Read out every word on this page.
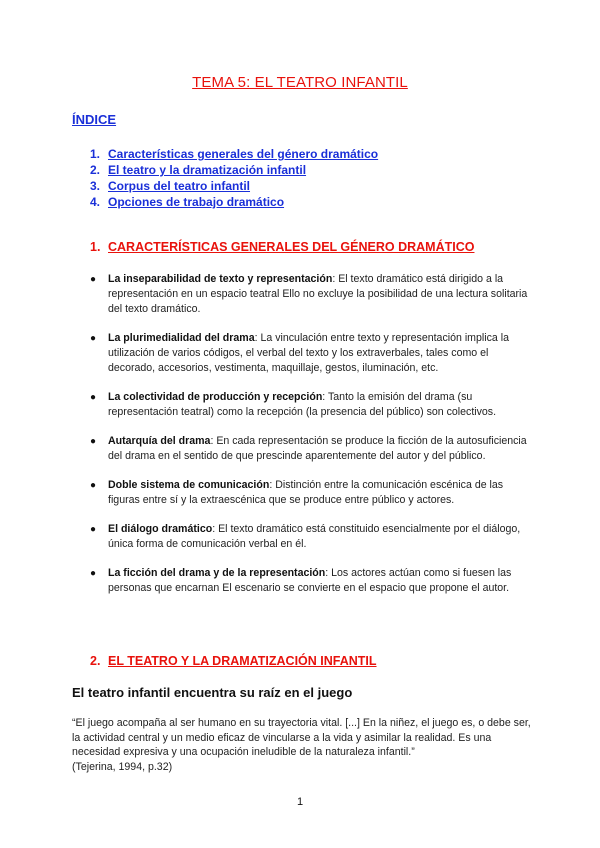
TEMA 5: EL TEATRO INFANTIL
ÍNDICE
1. Características generales del género dramático
2. El teatro y la dramatización infantil
3. Corpus del teatro infantil
4. Opciones de trabajo dramático
1. CARACTERÍSTICAS GENERALES DEL GÉNERO DRAMÁTICO
● La inseparabilidad de texto y representación: El texto dramático está dirigido a la representación en un espacio teatral Ello no excluye la posibilidad de una lectura solitaria del texto dramático.
● La plurimedialidad del drama: La vinculación entre texto y representación implica la utilización de varios códigos, el verbal del texto y los extraverbales, tales como el decorado, accesorios, vestimenta, maquillaje, gestos, iluminación, etc.
● La colectividad de producción y recepción: Tanto la emisión del drama (su representación teatral) como la recepción (la presencia del público) son colectivos.
● Autarquía del drama: En cada representación se produce la ficción de la autosuficiencia del drama en el sentido de que prescinde aparentemente del autor y del público.
● Doble sistema de comunicación: Distinción entre la comunicación escénica de las figuras entre sí y la extraescénica que se produce entre público y actores.
● El diálogo dramático: El texto dramático está constituido esencialmente por el diálogo, única forma de comunicación verbal en él.
● La ficción del drama y de la representación: Los actores actúan como si fuesen las personas que encarnan El escenario se convierte en el espacio que propone el autor.
2. EL TEATRO Y LA DRAMATIZACIÓN INFANTIL
El teatro infantil encuentra su raíz en el juego

“El juego acompaña al ser humano en su trayectoria vital. [...] En la niñez, el juego es, o debe ser, la actividad central y un medio eficaz de vincularse a la vida y asimilar la realidad. Es una necesidad expresiva y una ocupación ineludible de la naturaleza infantil.”
(Tejerina, 1994, p.32)

1
